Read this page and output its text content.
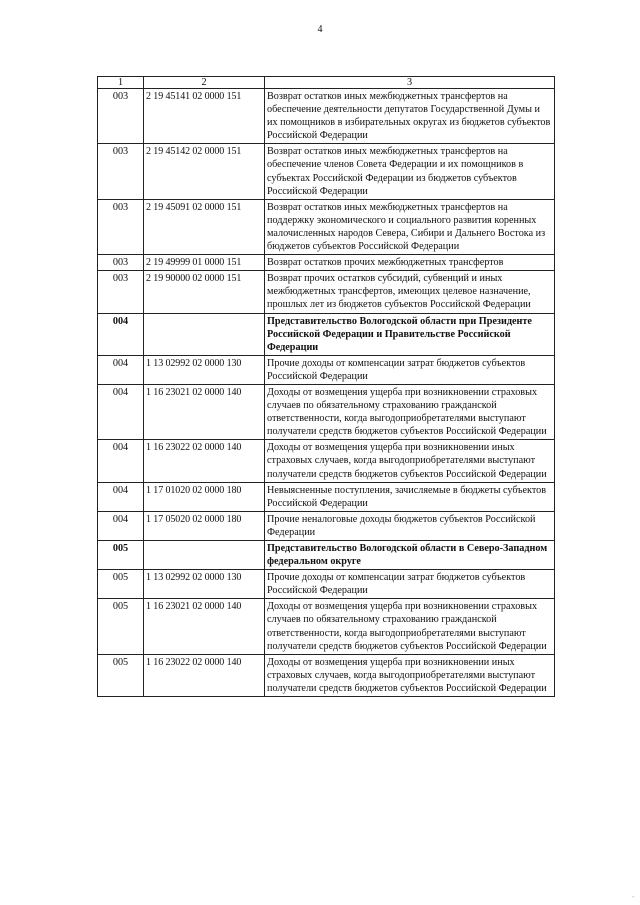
4
1	2	3
003	2 19 45141 02 0000 151	Возврат остатков иных межбюджетных трансфертов на обеспечение деятельности депутатов Государственной Думы и их помощников в избирательных округах из бюджетов субъектов Российской Федерации
003	2 19 45142 02 0000 151	Возврат остатков иных межбюджетных трансфертов на обеспечение членов Совета Федерации и их помощников в субъектах Российской Федерации из бюджетов субъектов Российской Федерации
003	2 19 45091 02 0000 151	Возврат остатков иных межбюджетных трансфертов на поддержку экономического и социального развития коренных малочисленных народов Севера, Сибири и Дальнего Востока из бюджетов субъектов Российской Федерации
003	2 19 49999 01 0000 151	Возврат остатков прочих межбюджетных трансфертов
003	2 19 90000 02 0000 151	Возврат прочих остатков субсидий, субвенций и иных межбюджетных трансфертов, имеющих целевое назначение, прошлых лет из бюджетов субъектов Российской Федерации
004		Представительство Вологодской области при Президенте Российской Федерации и Правительстве Российской Федерации
004	1 13 02992 02 0000 130	Прочие доходы от компенсации затрат бюджетов субъектов Российской Федерации
004	1 16 23021 02 0000 140	Доходы от возмещения ущерба при возникновении страховых случаев по обязательному страхованию гражданской ответственности, когда выгодоприобретателями выступают получатели средств бюджетов субъектов Российской Федерации
004	1 16 23022 02 0000 140	Доходы от возмещения ущерба при возникновении иных страховых случаев, когда выгодоприобретателями выступают получатели средств бюджетов субъектов Российской Федерации
004	1 17 01020 02 0000 180	Невыясненные поступления, зачисляемые в бюджеты субъектов Российской Федерации
004	1 17 05020 02 0000 180	Прочие неналоговые доходы бюджетов субъектов Российской Федерации
005		Представительство Вологодской области в Северо-Западном федеральном округе
005	1 13 02992 02 0000 130	Прочие доходы от компенсации затрат бюджетов субъектов Российской Федерации
005	1 16 23021 02 0000 140	Доходы от возмещения ущерба при возникновении страховых случаев по обязательному страхованию гражданской ответственности, когда выгодоприобретателями выступают получатели средств бюджетов субъектов Российской Федерации
005	1 16 23022 02 0000 140	Доходы от возмещения ущерба при возникновении иных страховых случаев, когда выгодоприобретателями выступают получатели средств бюджетов субъектов Российской Федерации
,
